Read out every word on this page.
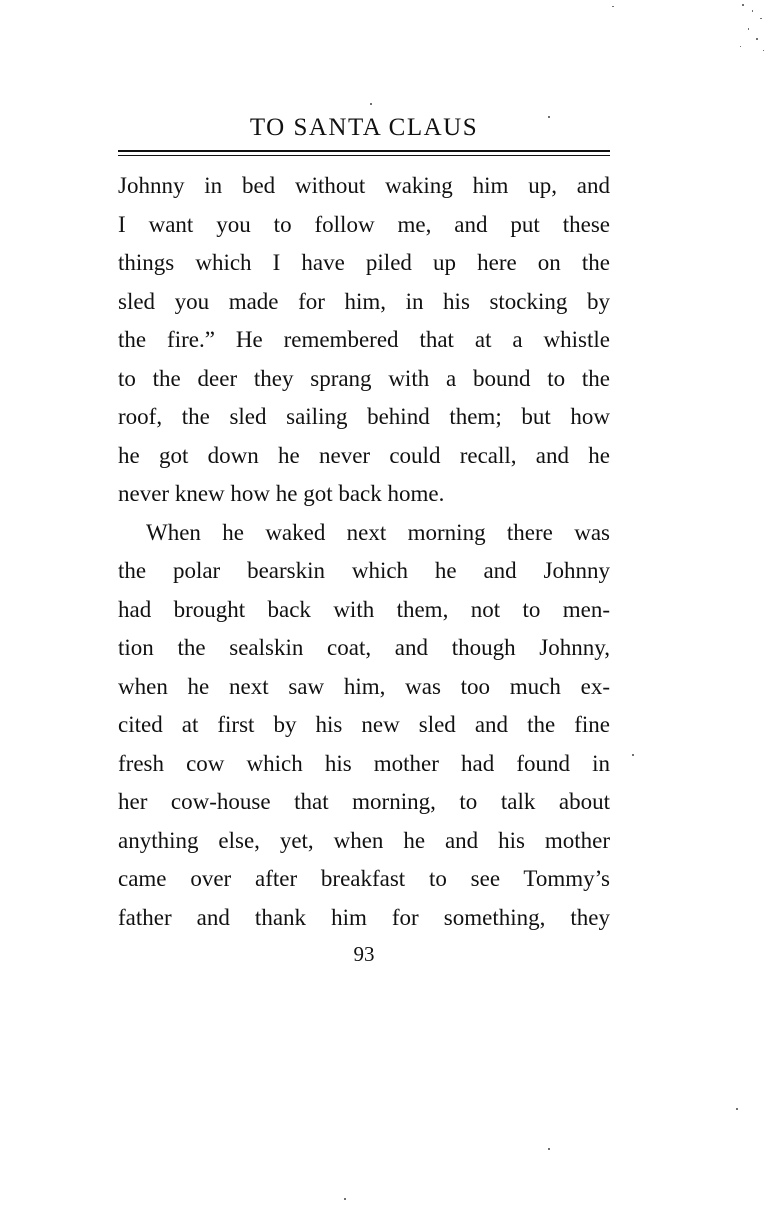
TO SANTA CLAUS
Johnny in bed without waking him up, and
I want you to follow me, and put these
things which I have piled up here on the
sled you made for him, in his stocking by
the fire.” He remembered that at a whistle
to the deer they sprang with a bound to the
roof, the sled sailing behind them; but how
he got down he never could recall, and he
never knew how he got back home.
When he waked next morning there was
the polar bearskin which he and Johnny
had brought back with them, not to men-
tion the sealskin coat, and though Johnny,
when he next saw him, was too much ex-
cited at first by his new sled and the fine
fresh cow which his mother had found in
her cow-house that morning, to talk about
anything else, yet, when he and his mother
came over after breakfast to see Tommy’s
father and thank him for something, they
93
